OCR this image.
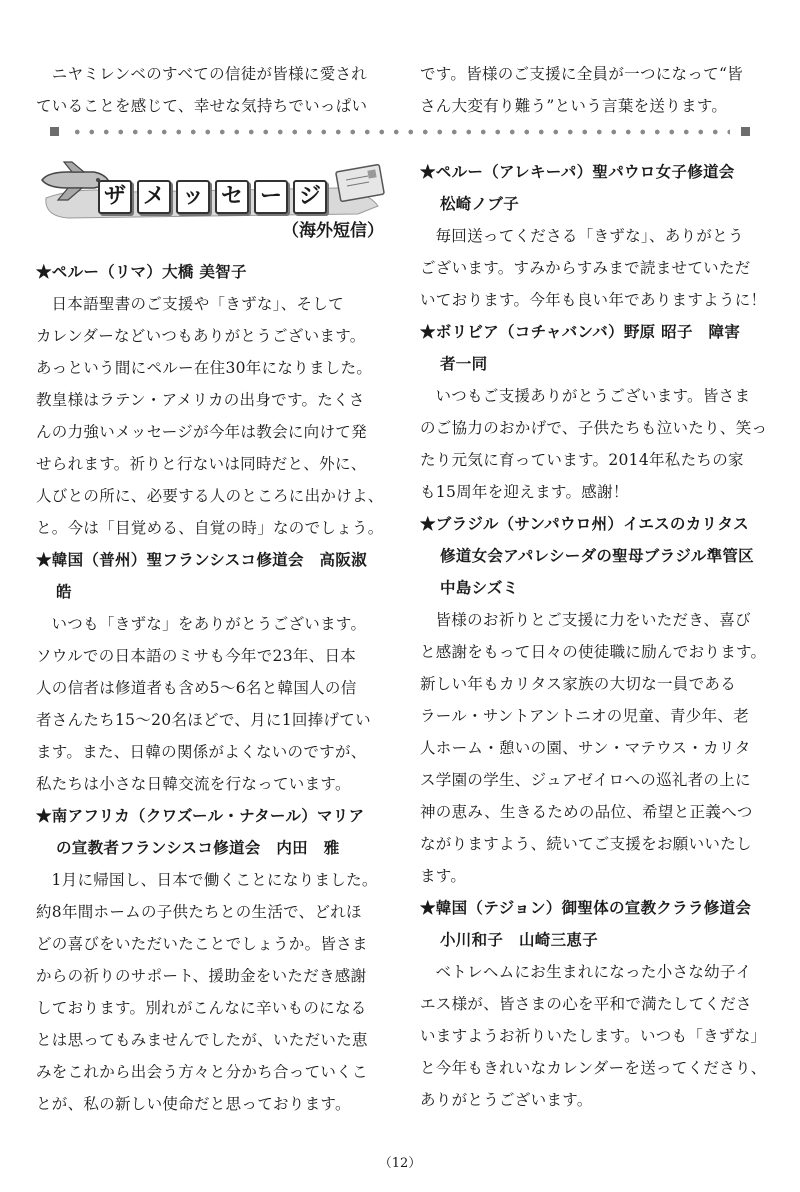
　ニヤミレンベのすべての信徒が皆様に愛され
ていることを感じて、幸せな気持ちでいっぱい
です。皆様のご支援に全員が一つになって“皆
さん大変有り難う”という言葉を送ります。
ザ メ ッ セ ー ジ
（海外短信）
★ペルー（リマ）大橋 美智子
日本語聖書のご支援や「きずな」、そして
カレンダーなどいつもありがとうございます。
あっという間にペルー在住30年になりました。
教皇様はラテン・アメリカの出身です。たくさ
んの力強いメッセージが今年は教会に向けて発
せられます。祈りと行ないは同時だと、外に、
人びとの所に、必要する人のところに出かけよ、
と。今は「目覚める、自覚の時」なのでしょう。
★韓国（普州）聖フランシスコ修道会　高阪淑
皓
いつも「きずな」をありがとうございます。
ソウルでの日本語のミサも今年で23年、日本
人の信者は修道者も含め5～6名と韓国人の信
者さんたち15～20名ほどで、月に1回捧げてい
ます。また、日韓の関係がよくないのですが、
私たちは小さな日韓交流を行なっています。
★南アフリカ（クワズール・ナタール）マリア
の宣教者フランシスコ修道会　内田　雅
1月に帰国し、日本で働くことになりました。
約8年間ホームの子供たちとの生活で、どれほ
どの喜びをいただいたことでしょうか。皆さま
からの祈りのサポート、援助金をいただき感謝
しております。別れがこんなに辛いものになる
とは思ってもみませんでしたが、いただいた恵
みをこれから出会う方々と分かち合っていくこ
とが、私の新しい使命だと思っております。
★ペルー（アレキーパ）聖パウロ女子修道会
松崎ノブ子
毎回送ってくださる「きずな」、ありがとう
ございます。すみからすみまで読ませていただ
いております。今年も良い年でありますように！
★ボリビア（コチャバンバ）野原 昭子　障害
者一同
いつもご支援ありがとうございます。皆さま
のご協力のおかげで、子供たちも泣いたり、笑っ
たり元気に育っています。2014年私たちの家
も15周年を迎えます。感謝！
★ブラジル（サンパウロ州）イエスのカリタス
修道女会アパレシーダの聖母ブラジル準管区
中島シズミ
皆様のお祈りとご支援に力をいただき、喜び
と感謝をもって日々の使徒職に励んでおります。
新しい年もカリタス家族の大切な一員である
ラール・サントアントニオの児童、青少年、老
人ホーム・憩いの園、サン・マテウス・カリタ
ス学園の学生、ジュアゼイロへの巡礼者の上に
神の恵み、生きるための品位、希望と正義へつ
ながりますよう、続いてご支援をお願いいたし
ます。
★韓国（テジョン）御聖体の宣教クララ修道会
小川和子　山崎三恵子
ベトレヘムにお生まれになった小さな幼子イ
エス様が、皆さまの心を平和で満たしてくださ
いますようお祈りいたします。いつも「きずな」
と今年もきれいなカレンダーを送ってくださり、
ありがとうございます。
（12）
